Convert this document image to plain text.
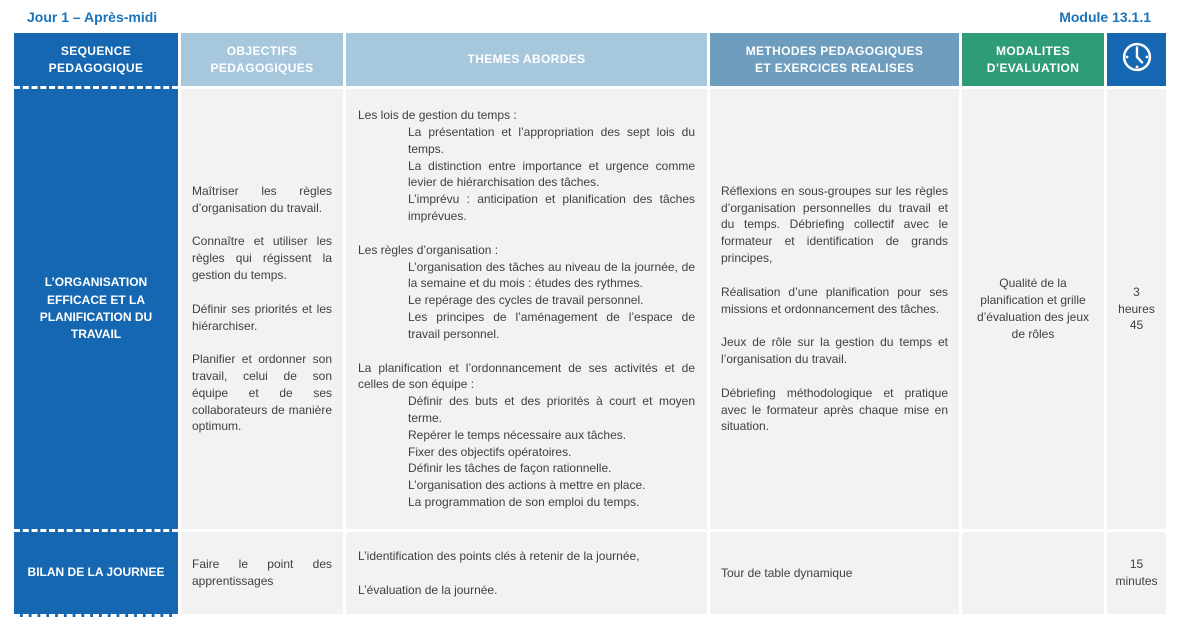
Jour 1 – Après-midi	Module 13.1.1
SEQUENCE
PEDAGOGIQUE
OBJECTIFS
PEDAGOGIQUES
THEMES ABORDES
METHODES PEDAGOGIQUES
ET EXERCICES REALISES
MODALITES
D’EVALUATION
L’ORGANISATION
EFFICACE ET LA
PLANIFICATION DU
TRAVAIL

Maîtriser les règles d’organisation du travail.

Connaître et utiliser les règles qui régissent la gestion du temps.

Définir ses priorités et les hiérarchiser.

Planifier et ordonner son travail, celui de son équipe et de ses collaborateurs de manière optimum.

Les lois de gestion du temps :
La présentation et l’appropriation des sept lois du temps.
La distinction entre importance et urgence comme levier de hiérarchisation des tâches.
L’imprévu : anticipation et planification des tâches imprévues.
Les règles d’organisation :
L’organisation des tâches au niveau de la journée, de la semaine et du mois : études des rythmes.
Le repérage des cycles de travail personnel.
Les principes de l’aménagement de l’espace de travail personnel.
La planification et l’ordonnancement de ses activités et de celles de son équipe :
Définir des buts et des priorités à court et moyen terme.
Repérer le temps nécessaire aux tâches.
Fixer des objectifs opératoires.
Définir les tâches de façon rationnelle.
L’organisation des actions à mettre en place.
La programmation de son emploi du temps.

Réflexions en sous-groupes sur les règles d’organisation personnelles du travail et du temps. Débriefing collectif avec le formateur et identification de grands principes,

Réalisation d’une planification pour ses missions et ordonnancement des tâches.

Jeux de rôle sur la gestion du temps et l’organisation du travail.

Débriefing méthodologique et pratique avec le formateur après chaque mise en situation.

Qualité de la planification et grille d’évaluation des jeux de rôles
3
heures
45
BILAN DE LA JOURNEE

Faire le point des apprentissages

L’identification des points clés à retenir de la journée,

L’évaluation de la journée.

Tour de table dynamique

15
minutes
